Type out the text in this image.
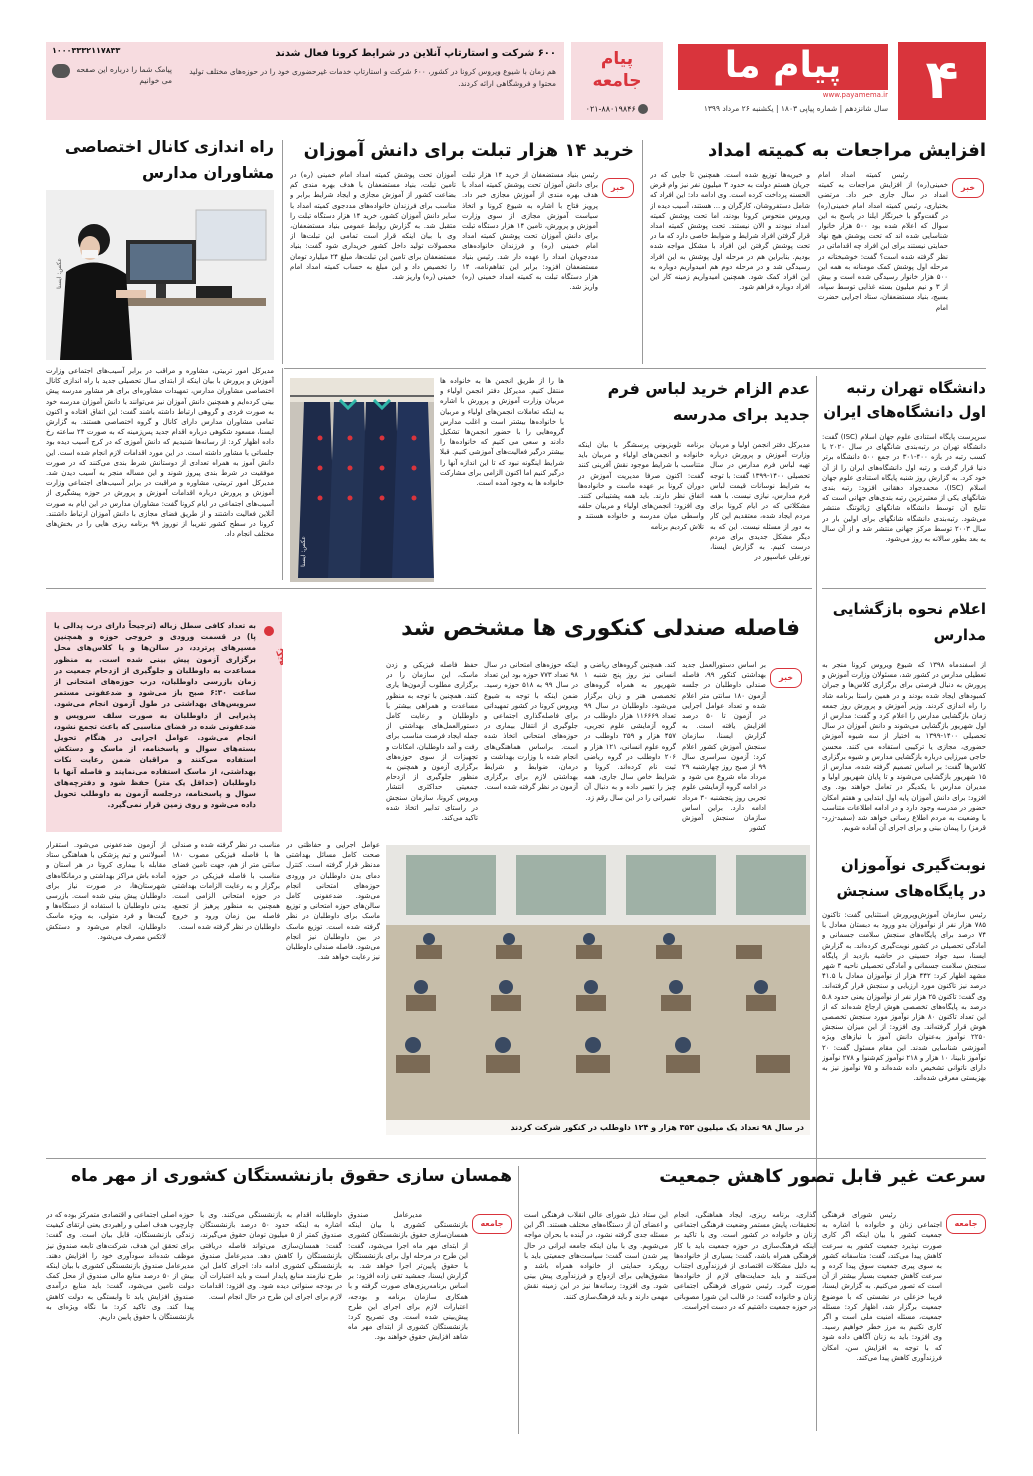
۴
پیام ما
www.payamema.ir
سال شانزدهم | شماره پیاپی ۱۸۰۳ | یکشنبه ۲۶ مرداد ۱۳۹۹
پیام جامعه
۰۲۱-۸۸۰۱۹۸۴۶
۱۰۰۰۳۳۳۲۱۱۷۸۳۳
پیامک شما را درباره این صفحه می خوانیم
۶۰۰ شرکت و استارتاپ آنلاین در شرایط کرونا فعال شدند
هم زمان با شیوع ویروس کرونا در کشور، ۶۰۰ شرکت و استارتاپ خدمات غیرحضوری خود را در حوزه‌های مختلف تولید محتوا و فروشگاهی ارائه کردند.
افزایش مراجعات به کمیته امداد
خبر
رئیس کمیته امداد امام خمینی(ره) از افزایش مراجعات به کمیته امداد در سال جاری خبر داد. مرتضی بختیاری، رئیس کمیته امداد امام خمینی(ره) در گفت‌وگو با خبرنگار ایلنا در پاسخ به این سوال که اعلام شده بود ۵۰۰ هزار خانوار شناسایی شده اند که تحت پوشش هیچ نهاد حمایتی نیستند برای این افراد چه اقداماتی در نظر گرفته شده است؟ گفت: خوشبختانه در مرحله اول پوشش کمک مومنانه به همه این ۵۰۰ هزار خانوار رسیدگی شده است و بیش از ۳ و نیم میلیون بسته غذایی توسط سپاه، بسیج، بنیاد مستضعفان، ستاد اجرایی حضرت امام
و خیریه‌ها توزیع شده است. همچنین تا جایی که در جریان هستم دولت به حدود ۳ میلیون نفر نیز وام قرض الحسنه پرداخت کرده است. وی ادامه داد: این افراد که شامل دستفروشان، کارگران و ... هستند، آسیب دیده از ویروس منحوس کرونا بودند، اما تحت پوشش کمیته امداد نبودند و الان نیستند. تحت پوشش کمیته امداد قرار گرفتن افراد شرایط و ضوابط خاصی دارد که ما در تحت پوشش گرفتن این افراد با مشکل مواجه شده بودیم. بنابراین هم در مرحله اول پوشش به این افراد رسیدگی شد و در مرحله دوم هم امیدواریم دوباره به این افراد کمک شود. همچنین امیدواریم زمینه کار این افراد دوباره فراهم شود.
خرید ۱۴ هزار تبلت برای دانش آموزان
خبر
رئیس بنیاد مستضعفان از خرید ۱۴ هزار تبلت برای دانش آموزان تحت پوشش کمیته امداد با هدف بهره مندی از آموزش مجازی خبر داد. پرویز فتاح با اشاره به شیوع کرونا و اتخاذ سیاست آموزش مجازی از سوی وزارت آموزش و پرورش، تامین ۱۴ هزار دستگاه تبلت برای دانش آموزان تحت پوشش کمیته امداد امام خمینی (ره) و فرزندان خانواده‌های مددجویان امداد را عهده دار شد. رئیس بنیاد مستضعفان افزود: برابر این تفاهم‌نامه، ۱۴ هزار دستگاه تبلت به کمیته امداد خمینی (ره) واریز شد.
آموزان تحت پوشش کمیته امداد امام خمینی (ره) در تامین تبلت، بنیاد مستضعفان با هدف بهره مندی کم بضاعت کشور از آموزش مجازی و ایجاد شرایط برابر و مناسب برای فرزندان خانواده‌های مددجوی کمیته امداد با سایر دانش آموزان کشور، خرید ۱۴ هزار دستگاه تبلت را متقبل شد. به گزارش روابط عمومی بنیاد مستضعفان، وی با بیان اینکه قرار است تمامی این تبلت‌ها از محصولات تولید داخل کشور خریداری شود گفت: بنیاد مستضعفان برای تامین این تبلت‌ها، مبلغ ۲۴ میلیارد تومان را تخصیص داد و این مبلغ به حساب کمیته امداد امام خمینی (ره) واریز شد.
راه اندازی کانال اختصاصی مشاوران مدارس
عکس: ایسنا
مدیرکل امور تربیتی، مشاوره و مراقب در برابر آسیب‌های اجتماعی وزارت آموزش و پرورش با بیان اینکه از ابتدای سال تحصیلی جدید با راه اندازی کانال اختصاصی مشاوران مدارس، تمهیدات مشاوره‌ای برای هر مشاور مدرسه پیش بینی کرده‌ایم و همچنین دانش آموزان نیز می‌توانند با دانش آموزان مدرسه خود به صورت فردی و گروهی ارتباط داشته باشند گفت: این اتفاق افتاده و اکنون تمامی مشاوران مدارس دارای کانال و گروه اختصاصی هستند. به گزارش ایسنا، مسعود شکوهی درباره اقدام جدید پس‌زمینه که به صورت ۲۴ ساعته رخ داده اظهار کرد: از رسانه‌ها شنیدیم که دانش آموزی که در کرج آسیب دیده بود جلساتی با مشاور داشته است. در این مورد اقدامات لازم انجام شده است. این دانش آموز به همراه تعدادی از دوستانش شرط بندی می‌کنند که در صورت موفقیت در شرط بندی پیروز شوند و این مساله منجر به آسیب دیدن شد. مدیرکل امور تربیتی، مشاوره و مراقبت در برابر آسیب‌های اجتماعی وزارت آموزش و پرورش درباره اقدامات آموزش و پرورش در حوزه پیشگیری از آسیب‌های اجتماعی در ایام کرونا گفت: مشاوران مدارس در این ایام به صورت آنلاین فعالیت داشتند و از طریق فضای مجازی با دانش آموزان ارتباط داشتند. کرونا در سطح کشور تقریبا از نوروز ۹۹ برنامه ریزی هایی را در بخش‌های مختلف انجام داد.
دانشگاه تهران رتبه اول دانشگاه‌های ایران
سرپرست پایگاه استنادی علوم جهان اسلام (ISC) گفت: دانشگاه تهران در رتبه‌بندی شانگهای در سال ۲۰۲۰ با کسب رتبه در بازه ۴۰۰-۳۰۱ در جمع ۵۰۰ دانشگاه برتر دنیا قرار گرفت و رتبه اول دانشگاه‌های ایران را از آن خود کرد. به گزارش روز شنبه پایگاه استنادی علوم جهان اسلام (ISC)، محمدجواد دهقانی افزود: رتبه بندی شانگهای یکی از معتبرترین رتبه بندی‌های جهانی است که نتایج آن توسط دانشگاه شانگهای ژیائوتنگ منتشر می‌شود. رتبه‌بندی دانشگاه شانگهای برای اولین بار در سال ۲۰۰۳ توسط مرکز جهانی منتشر شد و از آن سال به بعد بطور سالانه به روز می‌شود.
عدم الزام خرید لباس فرم جدید برای مدرسه
مدیرکل دفتر انجمن اولیا و مربیان وزارت آموزش و پرورش درباره تهیه لباس فرم مدارس در سال تحصیلی ۱۴۰۰-۱۳۹۹ گفت: با توجه به شرایط نوسانات قیمت لباس فرم مدارس، نیازی نیست. با همه مشکلاتی که در ایام کرونا برای مردم ایجاد شده، معتقدیم این کار به دور از مسئله نیست. این که به دیگر مشکل جدیدی برای مردم درست کنیم. به گزارش ایسنا، نورعلی عباسپور در
برنامه تلویزیونی پرسشگر با بیان اینکه خانواده و انجمن‌های اولیاء و مربیان باید متناسب با شرایط موجود نقش آفرینی کنند گفت: اکنون صرفا مدیریت آموزش در دوران کرونا بر عهده ماست و خانواده‌ها اتفاق نظر دارند. باید همه پشتیبانی کنند. وی افزود: انجمن‌های اولیاء و مربیان حلقه واسطی میان مدرسه و خانواده هستند و تلاش کردیم برنامه
ها را از طریق انجمن ها به خانواده ها منتقل کنیم. مدیرکل دفتر انجمن اولیاء و مربیان وزارت آموزش و پرورش با اشاره به اینکه تعاملات انجمن‌های اولیاء و مربیان با خانواده‌ها بیشتر است و اغلب مدارس گروه‌هایی را با حضور انجمن‌ها تشکیل دادند و سعی می کنیم که خانواده‌ها را بیشتر درگیر فعالیت‌های آموزشی کنیم. قبلا شرایط اینگونه نبود که تا این اندازه آنها را درگیر کنیم اما اکنون الزامی برای مشارکت خانواده ها به وجود آمده است.
عکس: ایسنا
اعلام نحوه بازگشایی مدارس
از اسفندماه ۱۳۹۸ که شیوع ویروس کرونا منجر به تعطیلی مدارس در کشور شد، مسئولان وزارت آموزش و پرورش به دنبال فرصتی برای برگزاری کلاس‌ها و جبران کمبودهای ایجاد شده بودند و در همین راستا برنامه شاد را راه اندازی کردند. وزیر آموزش و پرورش روز جمعه زمان بازگشایی مدارس را اعلام کرد و گفت: مدارس از اول شهریور بازگشایی می‌شوند و دانش آموزان در سال تحصیلی ۱۴۰۰-۱۳۹۹ به اختیار از سه شیوه آموزش حضوری، مجازی یا ترکیبی استفاده می کنند. محسن حاجی میرزایی درباره بازگشایی مدارس و شیوه برگزاری کلاس‌ها گفت: بر اساس تصمیم گرفته شده، مدارس از ۱۵ شهریور بازگشایی می‌شوند و تا پایان شهریور اولیا و مدیران مدارس با یکدیگر در تعامل خواهند بود. وی افزود: برای دانش آموزان پایه اول ابتدایی و هفتم امکان حضور در مدرسه وجود دارد و در ادامه اطلاعات متناسب با وضعیت به مردم اطلاع رسانی خواهد شد (سفید-زرد-قرمز) را پیمان بینی و برای اجرای آن آماده شویم.
نوبت‌گیری نوآموزان در پایگاه‌های سنجش
رئیس سازمان آموزش‌وپرورش استثنایی گفت: تاکنون ۷۸۵ هزار نفر از نوآموزان بدو ورود به دبستان معادل با ۷۴ درصد برای پایگاه‌های سنجش سلامت جسمانی و آمادگی تحصیلی در کشور نوبت‌گیری کرده‌اند. به گزارش ایسنا، سید جواد حسینی در حاشیه بازدید از پایگاه سنجش سلامت جسمانی و آمادگی تحصیلی ناحیه ۳ شهر مشهد اظهار کرد: ۴۴۲ هزار از نوآموزان معادل با ۴۱.۵ درصد نیز تاکنون مورد ارزیابی و سنجش قرار گرفته‌اند. وی گفت: تاکنون ۲۵ هزار نفر از نوآموزان یعنی حدود ۵.۸ درصد به پایگاه‌های تخصصی هوش ارجاع شده‌اند که از این تعداد تاکنون ۸۰ هزار نوآموز مورد سنجش تخصصی هوش قرار گرفته‌اند. وی افزود: از این میزان سنجش ۲۲۵۰ نوآموز به‌عنوان دانش آموز با نیازهای ویژه آموزشی شناسایی شدند. این مقام مسئول گفت: ۲۰ نوآموز نابینا، ۱۰ هزار و ۲۱۸ نوآموز کم‌شنوا و ۲۷۸ نوآموز دارای ناتوانی تشخیص داده شده‌اند و ۷۵ نوآموز نیز به بهزیستی معرفی شده‌اند.
فاصله صندلی کنکوری ها مشخص شد
خبر
بر اساس دستورالعمل جدید بهداشتی کنکور ۹۹، فاصله صندلی داوطلبان در جلسه آزمون ۱۸۰ سانتی متر اعلام شده و تعداد عوامل اجرایی در آزمون تا ۵۰ درصد افزایش یافته است. به گزارش ایسنا، سازمان سنجش آموزش کشور اعلام کرد: آزمون سراسری سال ۹۹ از صبح روز چهارشنبه ۲۹ مرداد ماه شروع می شود و در ادامه گروه آزمایشی علوم تجربی روز پنجشنبه ۳۰ مرداد ادامه دارد. براین اساس سازمان سنجش آموزش کشور
کند. همچنین گروه‌های ریاضی و انسانی نیز روز پنج شنبه ۱ شهریور به همراه گروه‌های تخصصی هنر و زبان برگزار می‌شود. داوطلبان در سال ۹۹ تعداد ۱۱۶۶۶۹ هزار داوطلب در گروه آزمایشی علوم تجربی، ۴۵۷ هزار و ۲۵۹ داوطلب در گروه علوم انسانی، ۱۲۱ هزار و ۲۰۶ داوطلب در گروه ریاضی ثبت نام کرده‌اند. کرونا و شرایط خاص سال جاری، همه چیز را تغییر داده و به دنبال آن تغییراتی را در این سال رقم زد.
اینکه حوزه‌های امتحانی در سال ۹۸ تعداد ۷۷۳ حوزه بود این تعداد در سال ۹۹ به ۵۱۸ حوزه رسید. ضمن اینکه با توجه به شیوع ویروس کرونا در کشور تمهیداتی برای فاصله‌گذاری اجتماعی و جلوگیری از انتقال بیماری در حوزه‌های امتحانی اتخاذ شده است. براساس هماهنگی‌های انجام شده با وزارت بهداشت و درمان، ضوابط و شرایط بهداشتی لازم برای برگزاری آزمون در نظر گرفته شده است.
حفظ فاصله فیزیکی و زدن ماسک، این سازمان را در برگزاری مطلوب آزمون‌ها یاری کنند. همچنین با توجه به منظور مساعدت و همراهی بیشتر با داوطلبان و رعایت کامل دستورالعمل‌های بهداشتی از جمله ایجاد فرصت مناسب برای رفت و آمد داوطلبان، امکانات و تجهیزات از سوی حوزه‌های برگزاری آزمون و همچنین به منظور جلوگیری از ازدحام جمعیتی حداکثری انتشار ویروس کرونا، سازمان سنجش در راستای تدابیر اتخاذ شده تاکید می‌کند.
عوامل اجرایی و حفاظتی در صحت کامل مسائل بهداشتی مدنظر قرار گرفته است. کنترل دمای بدن داوطلبان در ورودی حوزه‌های امتحانی انجام می‌شود. ضدعفونی کامل سالن‌های حوزه امتحانی و توزیع ماسک برای داوطلبان در نظر گرفته شده است. توزیع ماسک در بین داوطلبان نیز انجام می‌شود. فاصله صندلی داوطلبان نیز رعایت خواهد شد.
مناسب در نظر گرفته شده و صندلی ها با فاصله فیزیکی مصوب ۱۸۰ سانتی متر از هم، جهت تامین فضای مناسب با فاصله فیزیکی در حوزه برگزار و به رعایت الزامات بهداشتی در حوزه امتحانی الزامی است. همچنین به منظور پرهیز از تجمع، فاصله بین زمان ورود و خروج داوطلبان در نظر گرفته شده است.
از آزمون ضدعفونی می‌شود. استقرار آمبولانس و تیم پزشکی با هماهنگی ستاد مقابله با بیماری کرونا در هر استان و آماده باش مراکز بهداشتی و درمانگاه‌های شهرستان‌ها، در صورت نیاز برای داوطلبان پیش بینی شده است. بازرسی بدنی داوطلبان با استفاده از دستگاه‌ها و گیت‌ها و فرد متولی، به ویژه ماسک داوطلبان، انجام می‌شود و دستکش لاتکس مصرف می‌شود.
در سال ۹۸ تعداد یک میلیون ۳۵۳ هزار و ۱۲۴ داوطلب در کنکور شرکت کردند
به تعداد کافی سطل زباله (ترجیحاً دارای درب پدالی یا پا) در قسمت ورودی و خروجی حوزه و همچنین مسیرهای پرتردد، در سالن‌ها و یا کلاس‌های محل برگزاری آزمون پیش بینی شده است. به منظور مساعدت به داوطلبان و جلوگیری از ازدحام جمعیت در زمان بازرسی داوطلبان، درب حوزه‌های امتحانی از ساعت ۶:۳۰ صبح باز می‌شود و ضدعفونی مستمر سرویس‌های بهداشتی در طول آزمون انجام می‌شود. پذیرایی از داوطلبان به صورت سلف سرویس و ضدعفونی شده در فضای مناسبی که باعث تجمع نشود، انجام می‌شود. عوامل اجرایی در هنگام تحویل بسته‌های سوال و پاسخنامه، از ماسک و دستکش استفاده می‌کنند و مراقبان ضمن رعایت نکات بهداشتی، از ماسک استفاده می‌نمایند و فاصله آنها با داوطلبان (حداقل یک متر) حفظ شود و دفترچه‌های سوال و پاسخنامه، درجلسه آزمون به داوطلب تحویل داده می‌شود و روی زمین قرار نمی‌گیرد.
نکته
سرعت غیر قابل تصور کاهش جمعیت
جامعه
رئیس شورای فرهنگی اجتماعی زنان و خانواده با اشاره به جمعیت کشور با بیان اینکه اگر کاری صورت نپذیرد جمعیت کشور به سرعت کاهش پیدا می‌کند، گفت: متاسفانه کشور به سوی پیری جمعیت سوق پیدا کرده و سرعت کاهش جمعیت بسیار بیشتر از آن است که تصور می‌کنیم. به گزارش ایسنا، فریبا خزعلی در نشستی که با موضوع جمعیت برگزار شد، اظهار کرد: مسئله جمعیت، مسئله امنیت ملی است و اگر کاری نکنیم به مرز خطر خواهیم رسید. وی افزود: باید به زنان آگاهی داده شود که با توجه به افزایش سن، امکان فرزندآوری کاهش پیدا می‌کند.
گذاری، برنامه ریزی، ایجاد هماهنگی، انجام تحقیقات، پایش مستمر وضعیت فرهنگی اجتماعی زنان و خانواده در کشور است. وی با تاکید بر اینکه فرهنگ‌سازی در حوزه جمعیت باید با کار فرهنگی همراه باشد، گفت: بسیاری از خانواده‌ها به دلیل مشکلات اقتصادی از فرزندآوری اجتناب می‌کنند و باید حمایت‌های لازم از خانواده‌ها صورت گیرد. رئیس شورای فرهنگی اجتماعی زنان و خانواده گفت: در قالب این شورا مصوباتی در حوزه جمعیت داشتیم که در دست اجراست.
این ستاد ذیل شورای عالی انقلاب فرهنگی است و اعضای آن از دستگاه‌های مختلف هستند. اگر این مسئله جدی گرفته نشود، در آینده با بحران مواجه می‌شویم. وی با بیان اینکه جامعه ایرانی در حال پیر شدن است گفت: سیاست‌های جمعیتی باید با رویکرد حمایتی از خانواده همراه باشد و مشوق‌هایی برای ازدواج و فرزندآوری پیش بینی شود. وی افزود: رسانه‌ها نیز در این زمینه نقش مهمی دارند و باید فرهنگ‌سازی کنند.
همسان سازی حقوق بازنشستگان کشوری از مهر ماه
جامعه
مدیرعامل صندوق بازنشستگی کشوری با بیان اینکه همسان‌سازی حقوق بازنشستگان کشوری از ابتدای مهر ماه اجرا می‌شود، گفت: این طرح در مرحله اول برای بازنشستگان با حقوق پایین‌تر اجرا خواهد شد. به گزارش ایسنا، جمشید تقی زاده افزود: بر اساس برنامه‌ریزی‌های صورت گرفته و با همکاری سازمان برنامه و بودجه، اعتبارات لازم برای اجرای این طرح پیش‌بینی شده است. وی تصریح کرد: بازنشستگان کشوری از ابتدای مهر ماه شاهد افزایش حقوق خواهند بود.
داوطلبانه اقدام به بازنشستگی می‌کنند. وی با اشاره به اینکه حدود ۵۰ درصد بازنشستگان صندوق کمتر از ۵ میلیون تومان حقوق می‌گیرند، گفت: همسان‌سازی می‌تواند فاصله دریافتی بازنشستگان را کاهش دهد. مدیرعامل صندوق بازنشستگی کشوری ادامه داد: اجرای کامل این طرح نیازمند منابع پایدار است و باید اعتبارات آن در بودجه سنواتی دیده شود. وی افزود: اقدامات لازم برای اجرای این طرح در حال انجام است.
حوزه اصلی اجتماعی و اقتصادی متمرکز بوده که در چارچوب هدف اصلی و راهبردی یعنی ارتقای کیفیت زندگی بازنشستگان، قابل بیان است. وی گفت: برای تحقق این هدف، شرکت‌های تابعه صندوق نیز موظف شده‌اند سودآوری خود را افزایش دهند. مدیرعامل صندوق بازنشستگی کشوری با بیان اینکه بیش از ۵۰ درصد منابع مالی صندوق از محل کمک دولت تامین می‌شود، گفت: باید منابع درآمدی صندوق افزایش یابد تا وابستگی به دولت کاهش پیدا کند. وی تاکید کرد: ما نگاه ویژه‌ای به بازنشستگان با حقوق پایین داریم.
